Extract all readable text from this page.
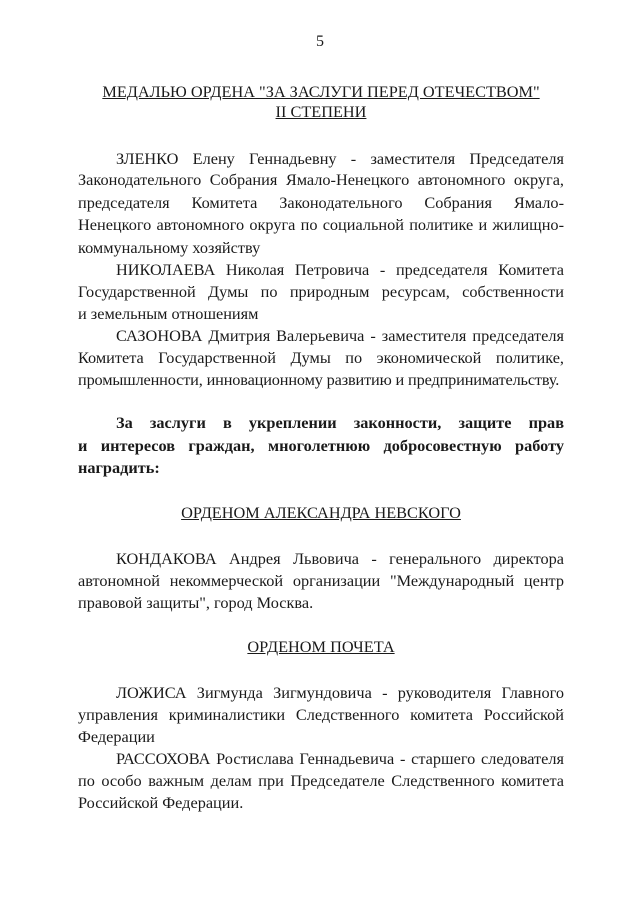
5
МЕДАЛЬЮ ОРДЕНА "ЗА ЗАСЛУГИ ПЕРЕД ОТЕЧЕСТВОМ"
II СТЕПЕНИ
ЗЛЕНКО Елену Геннадьевну - заместителя Председателя
Законодательного Собрания Ямало-Ненецкого автономного округа,
председателя Комитета Законодательного Собрания Ямало-
Ненецкого автономного округа по социальной политике и жилищно-
коммунальному хозяйству
НИКОЛАЕВА Николая Петровича - председателя Комитета
Государственной Думы по природным ресурсам, собственности
и земельным отношениям
САЗОНОВА Дмитрия Валерьевича - заместителя председателя
Комитета Государственной Думы по экономической политике,
промышленности, инновационному развитию и предпринимательству.
За заслуги в укреплении законности, защите прав
и интересов граждан, многолетнюю добросовестную работу
наградить:
ОРДЕНОМ АЛЕКСАНДРА НЕВСКОГО
КОНДАКОВА Андрея Львовича - генерального директора
автономной некоммерческой организации "Международный центр
правовой защиты", город Москва.
ОРДЕНОМ ПОЧЕТА
ЛОЖИСА Зигмунда Зигмундовича - руководителя Главного
управления криминалистики Следственного комитета Российской
Федерации
РАССОХОВА Ростислава Геннадьевича - старшего следователя
по особо важным делам при Председателе Следственного комитета
Российской Федерации.
